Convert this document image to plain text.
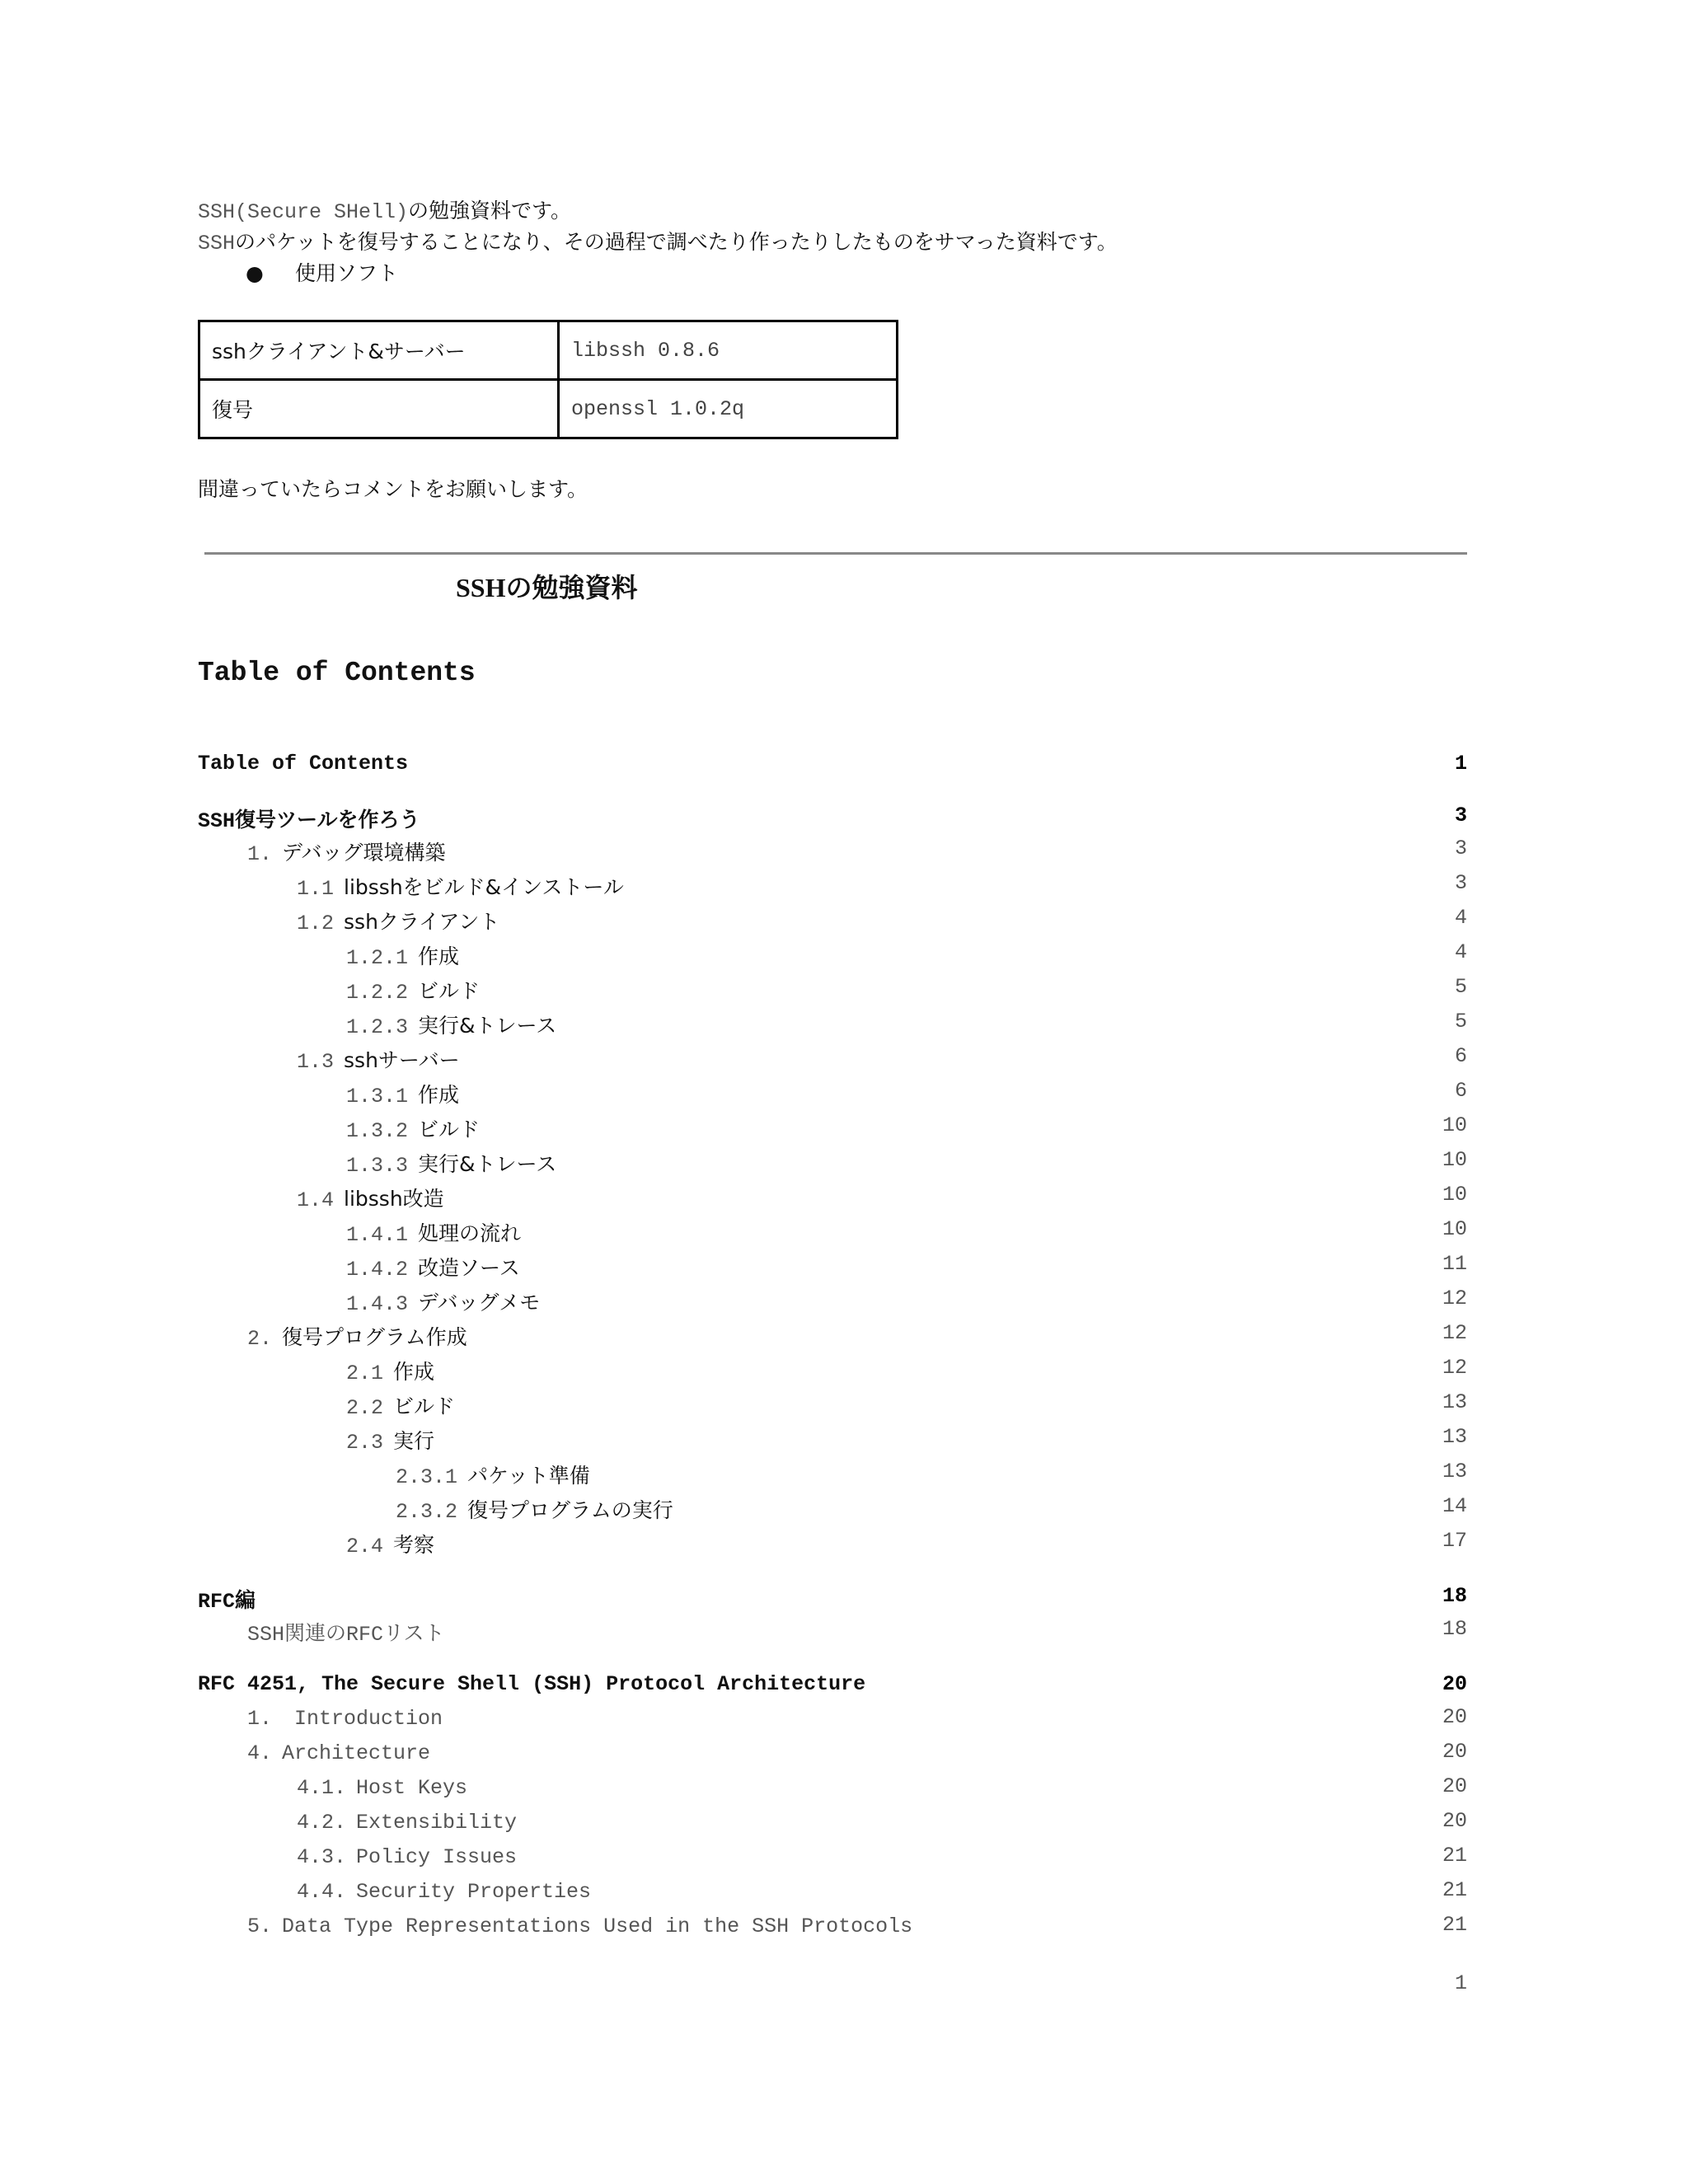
SSH(Secure SHell)の勉強資料です。
SSHのパケットを復号することになり、その過程で調べたり作ったりしたものをサマった資料です。
● 使用ソフト
sshクライアント&サーバー	libssh 0.8.6
復号	openssl 1.0.2q
間違っていたらコメントをお願いします。
SSHの勉強資料
Table of Contents
Table of Contents	1
SSH復号ツールを作ろう	3
1. デバッグ環境構築	3
1.1 libsshをビルド&インストール	3
1.2 sshクライアント	4
1.2.1 作成	4
1.2.2 ビルド	5
1.2.3 実行&トレース	5
1.3 sshサーバー	6
1.3.1 作成	6
1.3.2 ビルド	10
1.3.3 実行&トレース	10
1.4 libssh改造	10
1.4.1 処理の流れ	10
1.4.2 改造ソース	11
1.4.3 デバッグメモ	12
2. 復号プログラム作成	12
2.1 作成	12
2.2 ビルド	13
2.3 実行	13
2.3.1 パケット準備	13
2.3.2 復号プログラムの実行	14
2.4 考察	17
RFC編	18
SSH関連のRFCリスト	18
RFC 4251, The Secure Shell (SSH) Protocol Architecture	20
1. Introduction	20
4. Architecture	20
4.1. Host Keys	20
4.2. Extensibility	20
4.3. Policy Issues	21
4.4. Security Properties	21
5. Data Type Representations Used in the SSH Protocols	21
1
